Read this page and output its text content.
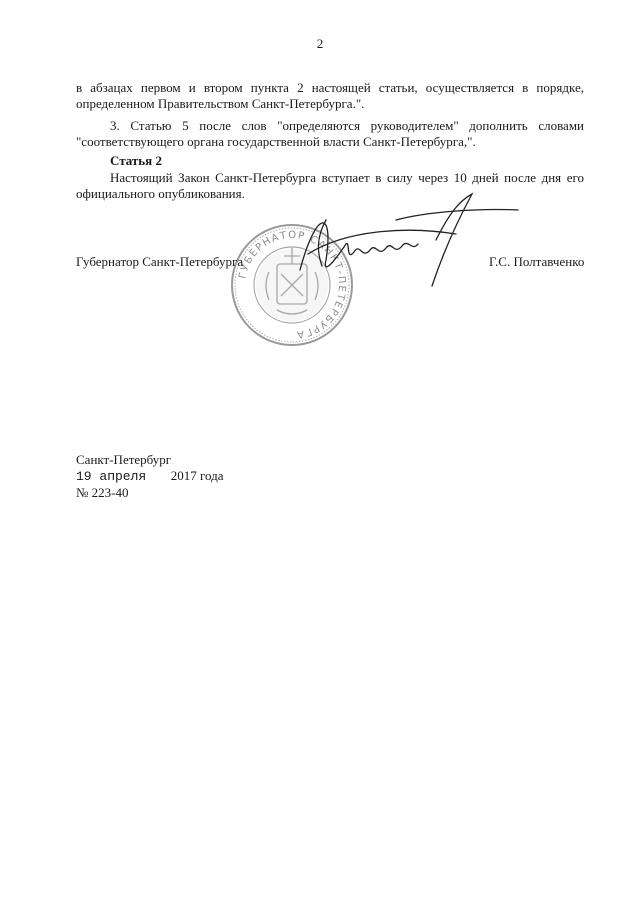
2

в абзацах первом и втором пункта 2 настоящей статьи, осуществляется в порядке,

определенном Правительством Санкт-Петербурга.".

3. Статью 5 после слов "определяются руководителем" дополнить словами "соответствующего органа государственной власти Санкт-Петербурга,".

Статья 2

Настоящий Закон Санкт-Петербурга вступает в силу через 10 дней после дня его официального опубликования.

ГУБЕРНАТОР САНКТ-ПЕТЕРБУРГА
Губернатор Санкт-Петербурга	Г.С. Полтавченко
Санкт-Петербург
19 апреля 2017 года
№ 223-40
